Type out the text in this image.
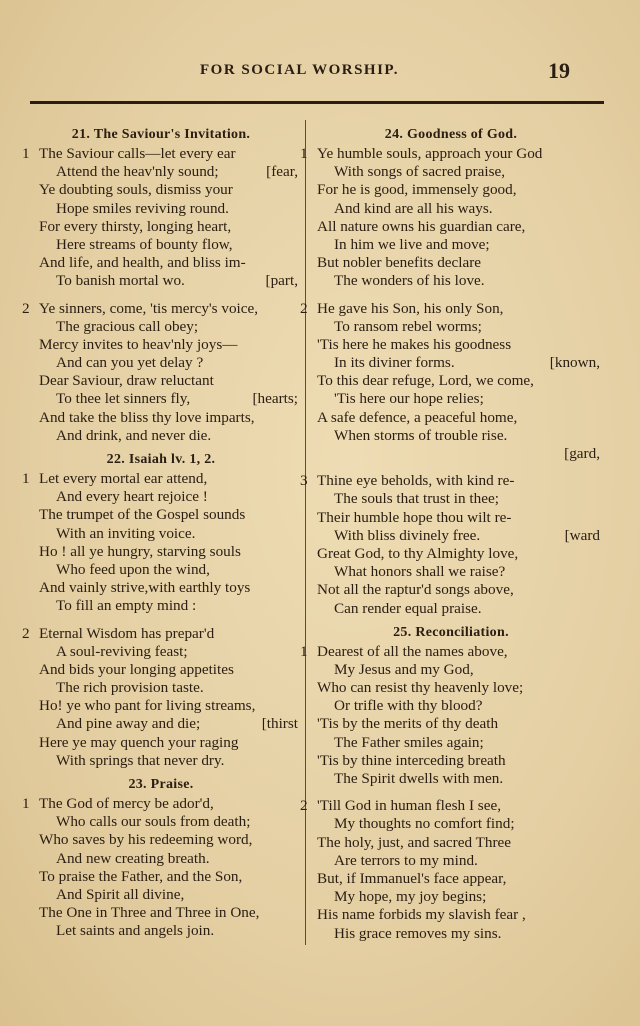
FOR SOCIAL WORSHIP.	19
21. The Saviour's Invitation.
1 The Saviour calls—let every ear
Attend the heav'nly sound;	[fear,
Ye doubting souls, dismiss your
Hope smiles reviving round.
For every thirsty, longing heart,
Here streams of bounty flow,
And life, and health, and bliss im-
To banish mortal wo.	[part,
2 Ye sinners, come, 'tis mercy's voice,
The gracious call obey;
Mercy invites to heav'nly joys—
And can you yet delay ?
Dear Saviour, draw reluctant
To thee let sinners fly,	[hearts;
And take the bliss thy love imparts,
And drink, and never die.
22. Isaiah lv. 1, 2.
1 Let every mortal ear attend,
And every heart rejoice !
The trumpet of the Gospel sounds
With an inviting voice.
Ho ! all ye hungry, starving souls
Who feed upon the wind,
And vainly strive,with earthly toys
To fill an empty mind :
2 Eternal Wisdom has prepar'd
A soul-reviving feast;
And bids your longing appetites
The rich provision taste.
Ho! ye who pant for living streams,
And pine away and die;	[thirst
Here ye may quench your raging
With springs that never dry.
23. Praise.
1 The God of mercy be ador'd,
Who calls our souls from death;
Who saves by his redeeming word,
And new creating breath.
To praise the Father, and the Son,
And Spirit all divine,
The One in Three and Three in One,
Let saints and angels join.
24. Goodness of God.
1 Ye humble souls, approach your God
With songs of sacred praise,
For he is good, immensely good,
And kind are all his ways.
All nature owns his guardian care,
In him we live and move;
But nobler benefits declare
The wonders of his love.
2 He gave his Son, his only Son,
To ransom rebel worms;
'Tis here he makes his goodness
In its diviner forms.	[known,
To this dear refuge, Lord, we come,
'Tis here our hope relies;
A safe defence, a peaceful home,
When storms of trouble rise.
[gard,
3 Thine eye beholds, with kind re-
The souls that trust in thee;
Their humble hope thou wilt re-
With bliss divinely free.	[ward
Great God, to thy Almighty love,
What honors shall we raise?
Not all the raptur'd songs above,
Can render equal praise.
25. Reconciliation.
1 Dearest of all the names above,
My Jesus and my God,
Who can resist thy heavenly love;
Or trifle with thy blood?
'Tis by the merits of thy death
The Father smiles again;
'Tis by thine interceding breath
The Spirit dwells with men.
2 'Till God in human flesh I see,
My thoughts no comfort find;
The holy, just, and sacred Three
Are terrors to my mind.
But, if Immanuel's face appear,
My hope, my joy begins;
His name forbids my slavish fear ,
His grace removes my sins.
